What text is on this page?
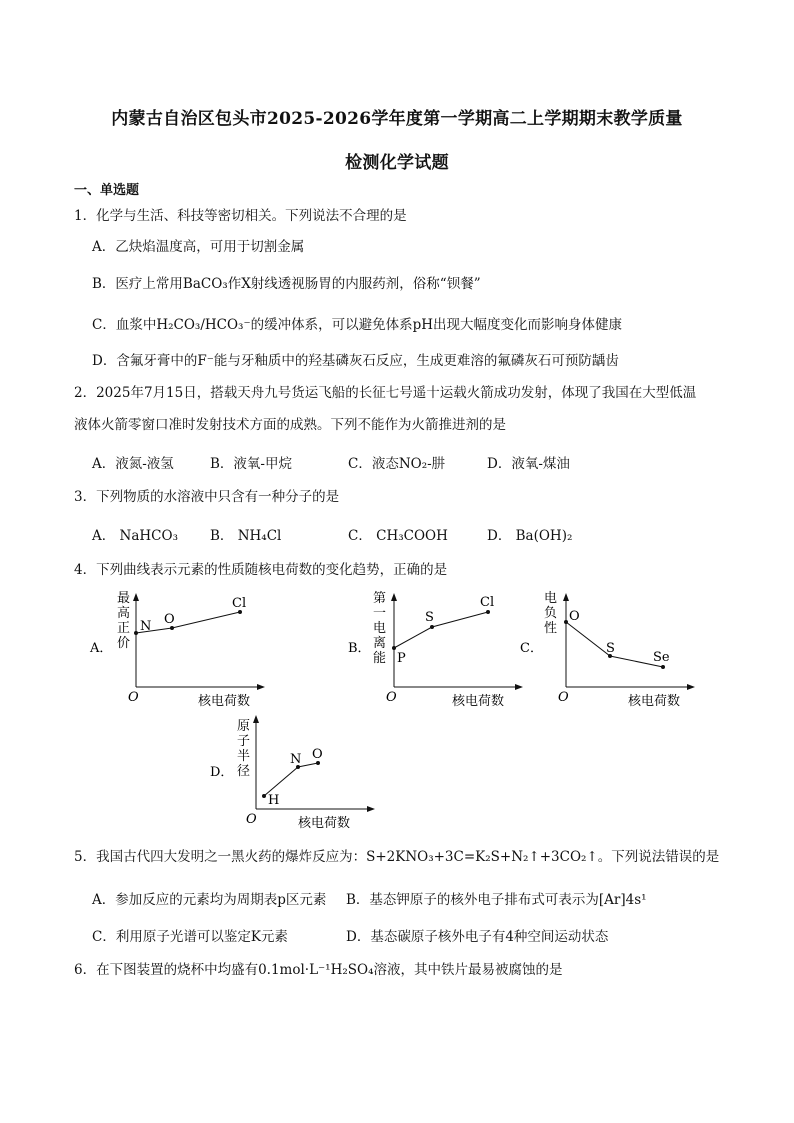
内蒙古自治区包头市2025-2026学年度第一学期高二上学期期末教学质量
检测化学试题
一、单选题
1．化学与生活、科技等密切相关。下列说法不合理的是
A．乙炔焰温度高，可用于切割金属
B．医疗上常用BaCO₃作X射线透视肠胃的内服药剂，俗称“钡餐”
C．血浆中H₂CO₃/HCO₃⁻的缓冲体系，可以避免体系pH出现大幅度变化而影响身体健康
D．含氟牙膏中的F⁻能与牙釉质中的羟基磷灰石反应，生成更难溶的氟磷灰石可预防龋齿
2．2025年7月15日，搭载天舟九号货运飞船的长征七号遥十运载火箭成功发射，体现了我国在大型低温
液体火箭零窗口准时发射技术方面的成熟。下列不能作为火箭推进剂的是
A．液氮-液氢	B．液氧-甲烷	C．液态NO₂-肼	D．液氧-煤油
3．下列物质的水溶液中只含有一种分子的是
A． NaHCO₃ B． NH₄Cl	C． CH₃COOH	D． Ba(OH)₂
4．下列曲线表示元素的性质随核电荷数的变化趋势，正确的是
A．
最
高
正
价
N O
Cl
O	核电荷数
B．
第
一
电
离
能 P
S
Cl
O	核电荷数
C．
电
负
性
O
S
Se
O	核电荷数
D．
原
子
半
径
H
N O
O	核电荷数
5．我国古代四大发明之一黑火药的爆炸反应为：S+2KNO₃+3C=K₂S+N₂↑+3CO₂↑。下列说法错误的是
A．参加反应的元素均为周期表p区元素 B．基态钾原子的核外电子排布式可表示为[Ar]4s¹
C．利用原子光谱可以鉴定K元素	D．基态碳原子核外电子有4种空间运动状态
6．在下图装置的烧杯中均盛有0.1mol·L⁻¹H₂SO₄溶液，其中铁片最易被腐蚀的是
